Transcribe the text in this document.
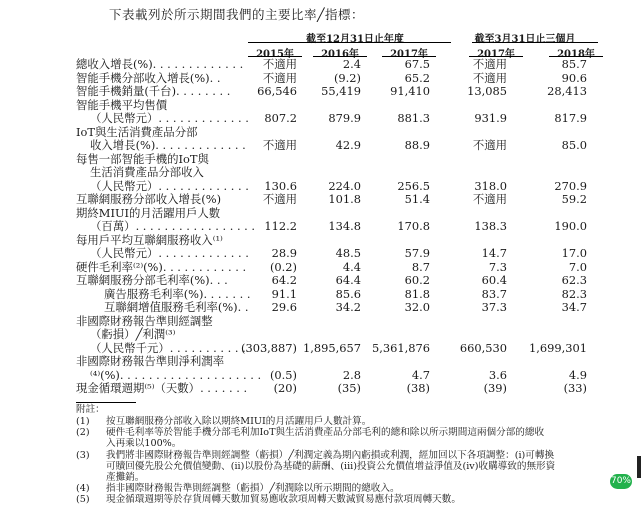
下表載列於所示期間我們的主要比率╱指標：
截至12月31日止年度	截至3月31日止三個月
2015年	2016年	2017年	2017年	2018年
總收入增長(%). . . . . . . . . . . . . 不適用	2.4	67.5	不適用	85.7
智能手機分部收入增長(%). .	不適用	(9.2)	65.2	不適用	90.6
智能手機銷量(千台). . . . . . . . 66,546 55,419	91,410	13,085	28,413
智能手機平均售價
（人民幣元）. . . . . . . . . . . . . 807.2	879.9	881.3	931.9	817.9
IoT與生活消費產品分部
收入增長(%). . . . . . . . . . . . . 不適用	42.9	88.9	不適用	85.0
每售一部智能手機的IoT與
生活消費產品分部收入
（人民幣元）. . . . . . . . . . . . . 130.6	224.0	256.5	318.0	270.9
互聯網服務分部收入增長(%)	不適用	101.8	51.4	不適用	59.2
期終MIUI的月活躍用戶人數
（百萬）. . . . . . . . . . . . . . . . . 112.2	134.8	170.8	138.3	190.0
每用戶平均互聯網服務收入⁽¹⁾
（人民幣元）. . . . . . . . . . . . . 28.9	48.5	57.9	14.7	17.0
硬件毛利率⁽²⁾(%). . . . . . . . . . . . (0.2)	4.4	8.7	7.3	7.0
互聯網服務分部毛利率(%). . .	64.2	64.4	60.2	60.4	62.3
廣告服務毛利率(%). . . . . . . 91.1	85.6	81.8	83.7	82.3
互聯網增值服務毛利率(%). . 29.6	34.2	32.0	37.3	34.7
非國際財務報告準則經調整
（虧損）╱利潤⁽³⁾
（人民幣千元）. . . . . . . . . . .
(303,887) 1,895,657 5,361,876	660,530 1,699,301
非國際財務報告準則淨利潤率
⁽⁴⁾(%). . . . . . . . . . . . . . . . . . . . (0.5)	2.8	4.7	3.6	4.9
現金循環週期⁽⁵⁾（天數）. . . . . . . (20)	(35)	(38)	(39)	(33)
附註：
(1) 按互聯網服務分部收入除以期終MIUI的月活躍用戶人數計算。
(2) 硬件毛利率等於智能手機分部毛利加IoT與生活消費產品分部毛利的總和除以所示期間這兩個分部的總收
入再乘以100%。
(3) 我們將非國際財務報告準則經調整（虧損）╱利潤定義為期內虧損或利潤，經加回以下各項調整：(i)可轉換
可贖回優先股公允價值變動、(ii)以股份為基礎的薪酬、(iii)投資公允價值增益淨值及(iv)收購導致的無形資
產攤銷。
(4) 指非國際財務報告準則經調整（虧損）╱利潤除以所示期間的總收入。
(5) 現金循環週期等於存貨周轉天數加貿易應收款項周轉天數減貿易應付款項周轉天數。
70%
